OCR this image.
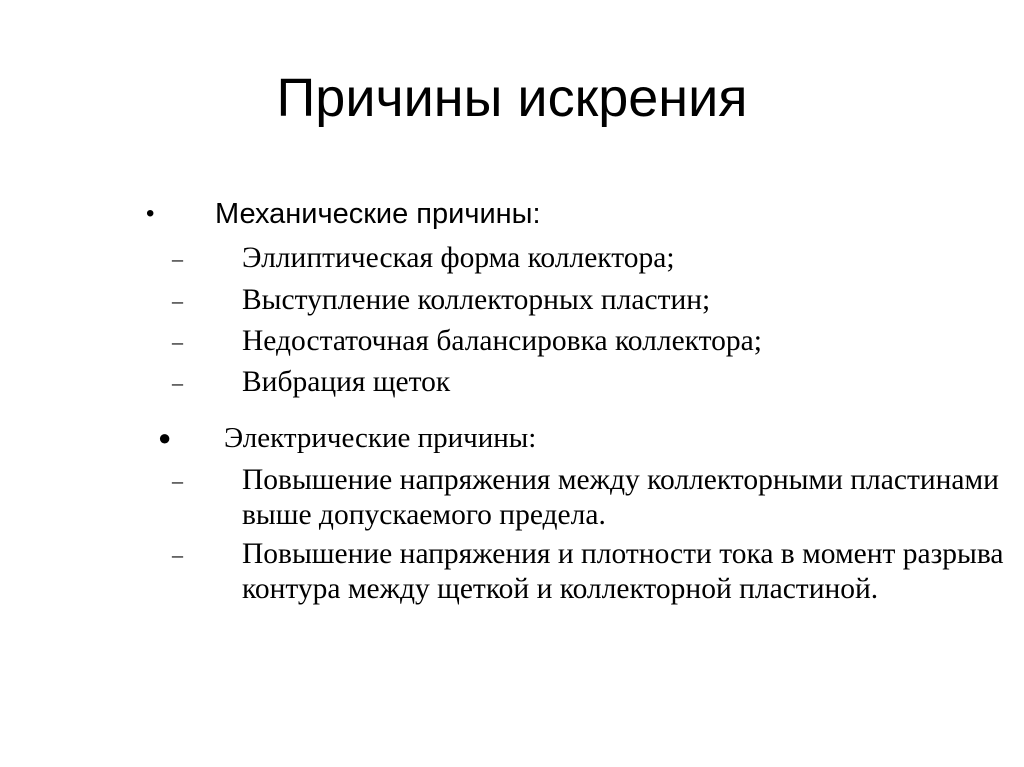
Причины искрения
• Механические причины:
– Эллиптическая форма коллектора;
– Выступление коллекторных пластин;
– Недостаточная балансировка коллектора;
– Вибрация щеток
● Электрические причины:
– Повышение напряжения между коллекторными пластинами выше допускаемого предела.
– Повышение напряжения и плотности тока в момент разрыва контура между щеткой и коллекторной пластиной.
